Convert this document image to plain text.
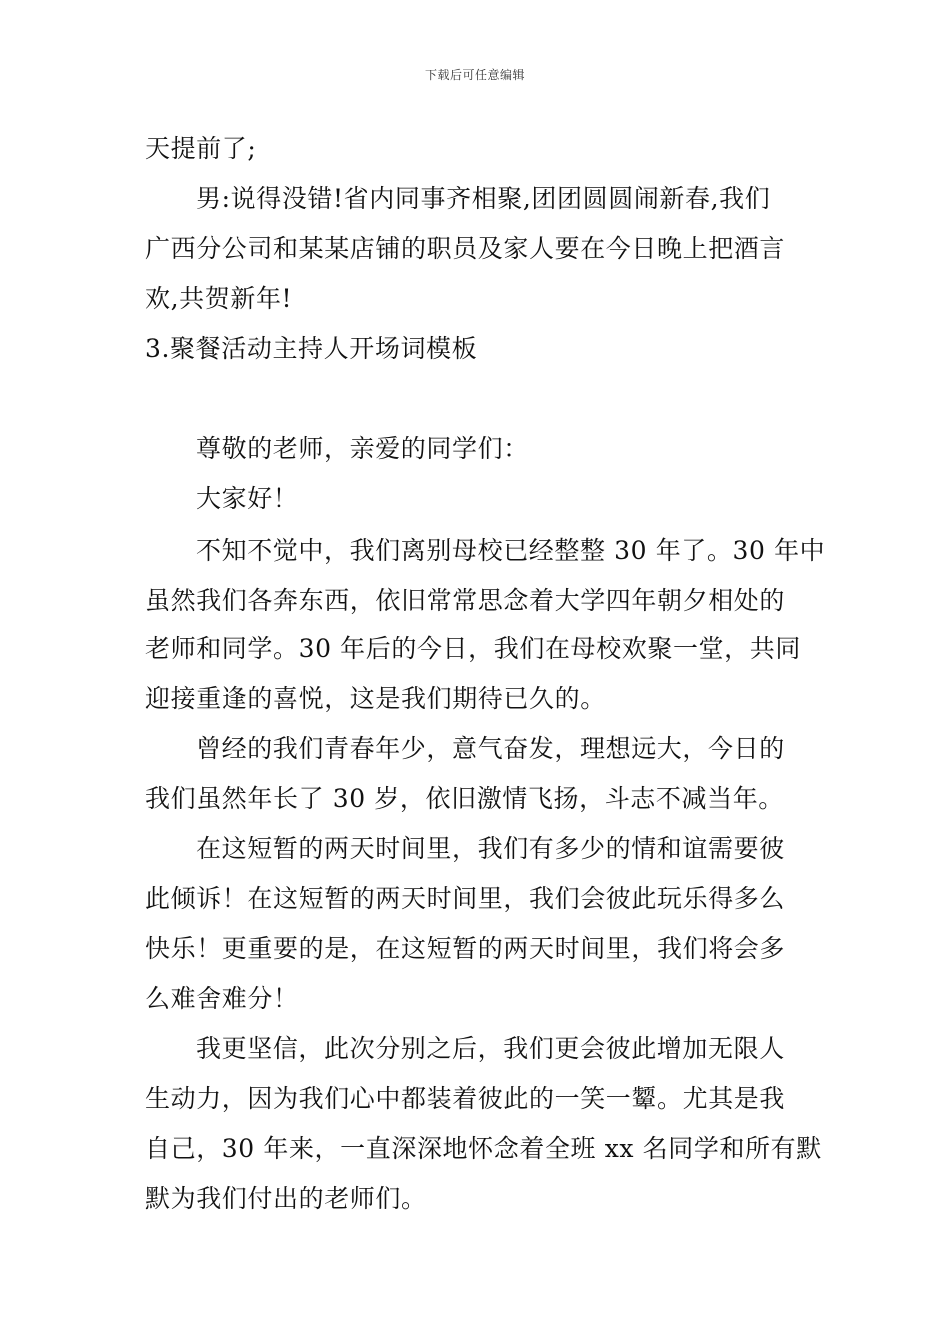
下载后可任意编辑
天提前了;
男:说得没错!省内同事齐相聚,团团圆圆闹新春,我们
广西分公司和某某店铺的职员及家人要在今日晚上把酒言
欢,共贺新年!
3.聚餐活动主持人开场词模板
尊敬的老师，亲爱的同学们：
大家好！
不知不觉中，我们离别母校已经整整 30 年了。30 年中
虽然我们各奔东西，依旧常常思念着大学四年朝夕相处的
老师和同学。30 年后的今日，我们在母校欢聚一堂，共同
迎接重逢的喜悦，这是我们期待已久的。
曾经的我们青春年少，意气奋发，理想远大，今日的
我们虽然年长了 30 岁，依旧激情飞扬，斗志不减当年。
在这短暂的两天时间里，我们有多少的情和谊需要彼
此倾诉！在这短暂的两天时间里，我们会彼此玩乐得多么
快乐！更重要的是，在这短暂的两天时间里，我们将会多
么难舍难分！
我更坚信，此次分别之后，我们更会彼此增加无限人
生动力，因为我们心中都装着彼此的一笑一颦。尤其是我
自己，30 年来，一直深深地怀念着全班 xx 名同学和所有默
默为我们付出的老师们。
